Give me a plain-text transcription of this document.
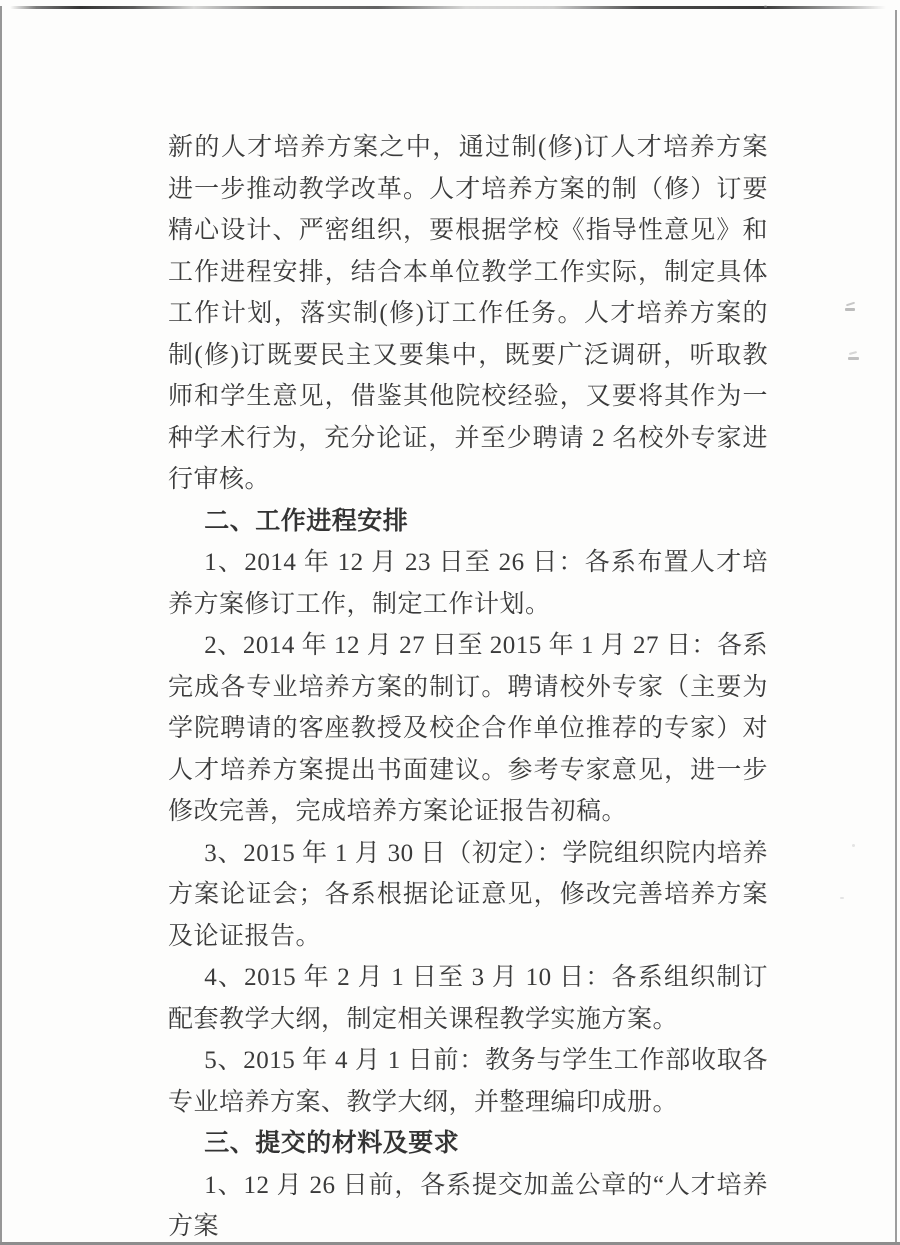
新的人才培养方案之中，通过制(修)订人才培养方案进一步推动教学改革。人才培养方案的制（修）订要精心设计、严密组织，要根据学校《指导性意见》和工作进程安排，结合本单位教学工作实际，制定具体工作计划，落实制(修)订工作任务。人才培养方案的制(修)订既要民主又要集中，既要广泛调研，听取教师和学生意见，借鉴其他院校经验，又要将其作为一种学术行为，充分论证，并至少聘请 2 名校外专家进行审核。

二、工作进程安排

1、2014 年 12 月 23 日至 26 日：各系布置人才培养方案修订工作，制定工作计划。

2、2014 年 12 月 27 日至 2015 年 1 月 27 日：各系完成各专业培养方案的制订。聘请校外专家（主要为学院聘请的客座教授及校企合作单位推荐的专家）对人才培养方案提出书面建议。参考专家意见，进一步修改完善，完成培养方案论证报告初稿。

3、2015 年 1 月 30 日（初定）：学院组织院内培养方案论证会；各系根据论证意见，修改完善培养方案及论证报告。

4、2015 年 2 月 1 日至 3 月 10 日：各系组织制订配套教学大纲，制定相关课程教学实施方案。

5、2015 年 4 月 1 日前：教务与学生工作部收取各专业培养方案、教学大纲，并整理编印成册。

三、提交的材料及要求

1、12 月 26 日前，各系提交加盖公章的“人才培养方案
